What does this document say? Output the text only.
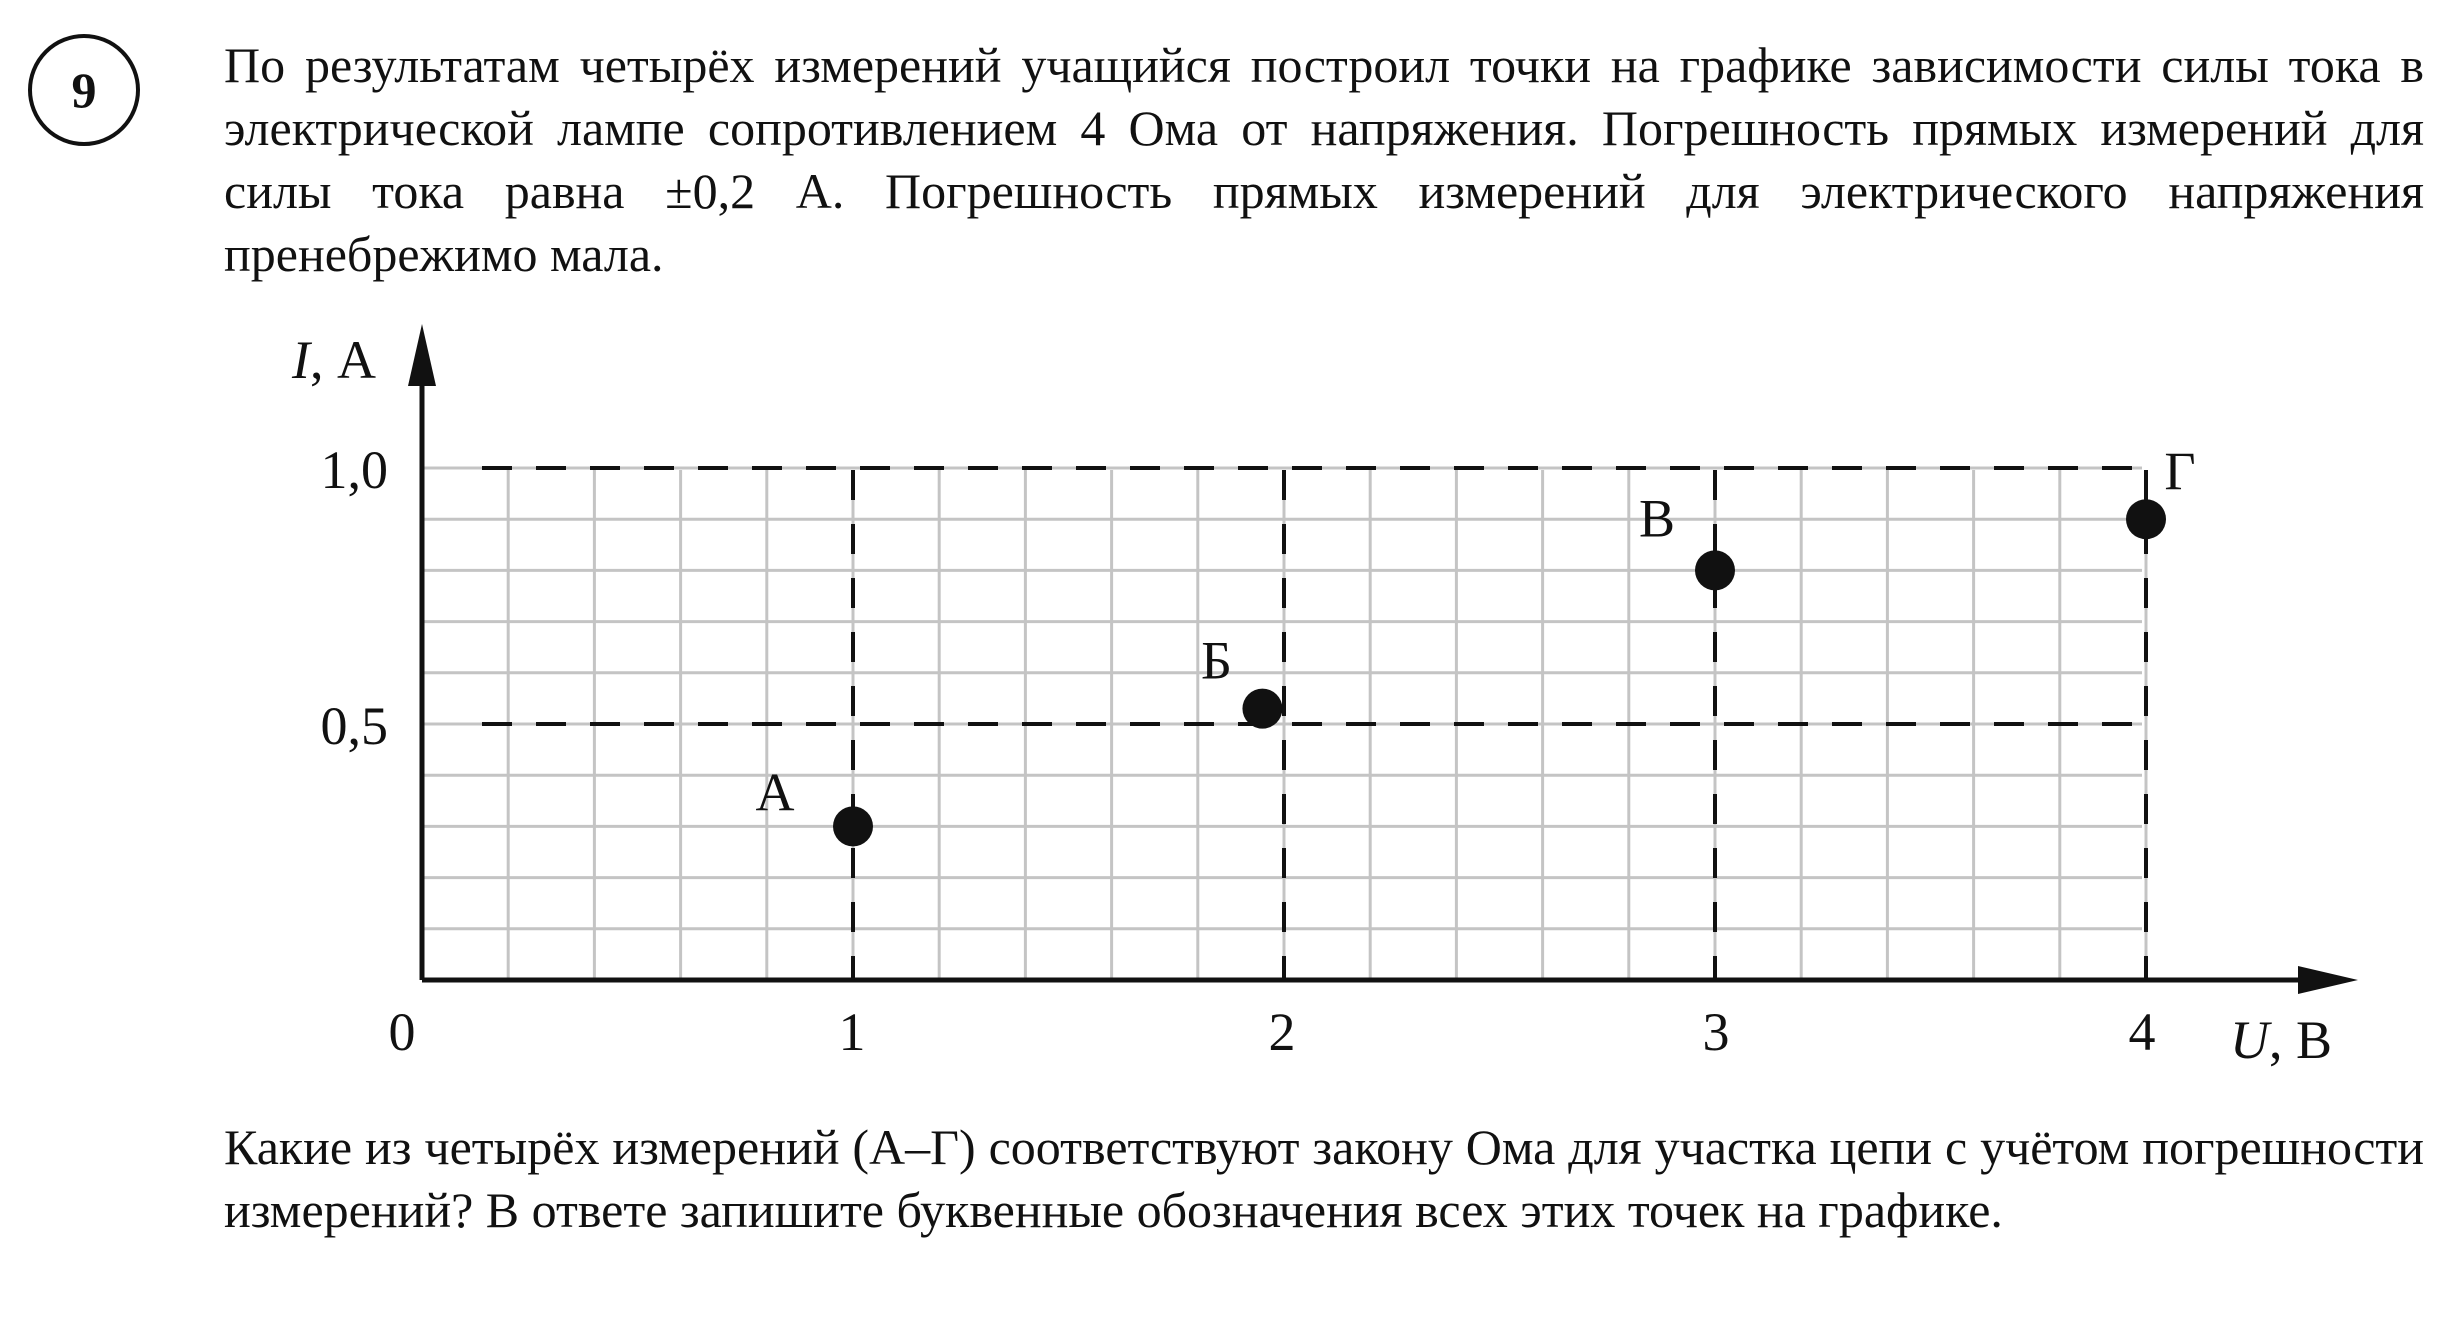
9	По результатам четырёх измерений учащийся построил точки на графике зависимости силы тока в электрической лампе сопротивлением 4 Ома от напряжения. Погрешность прямых измерений для силы тока равна ±0,2 А. Погрешность прямых измерений для электрического напряжения пренебрежимо мала.

0
1,0
0,5
1	2	3	4
I, А
U, В
А
Б
В
Г

Какие из четырёх измерений (А–Г) соответствуют закону Ома для участка цепи с учётом погрешности измерений? В ответе запишите буквенные обозначения всех этих точек на графике.
